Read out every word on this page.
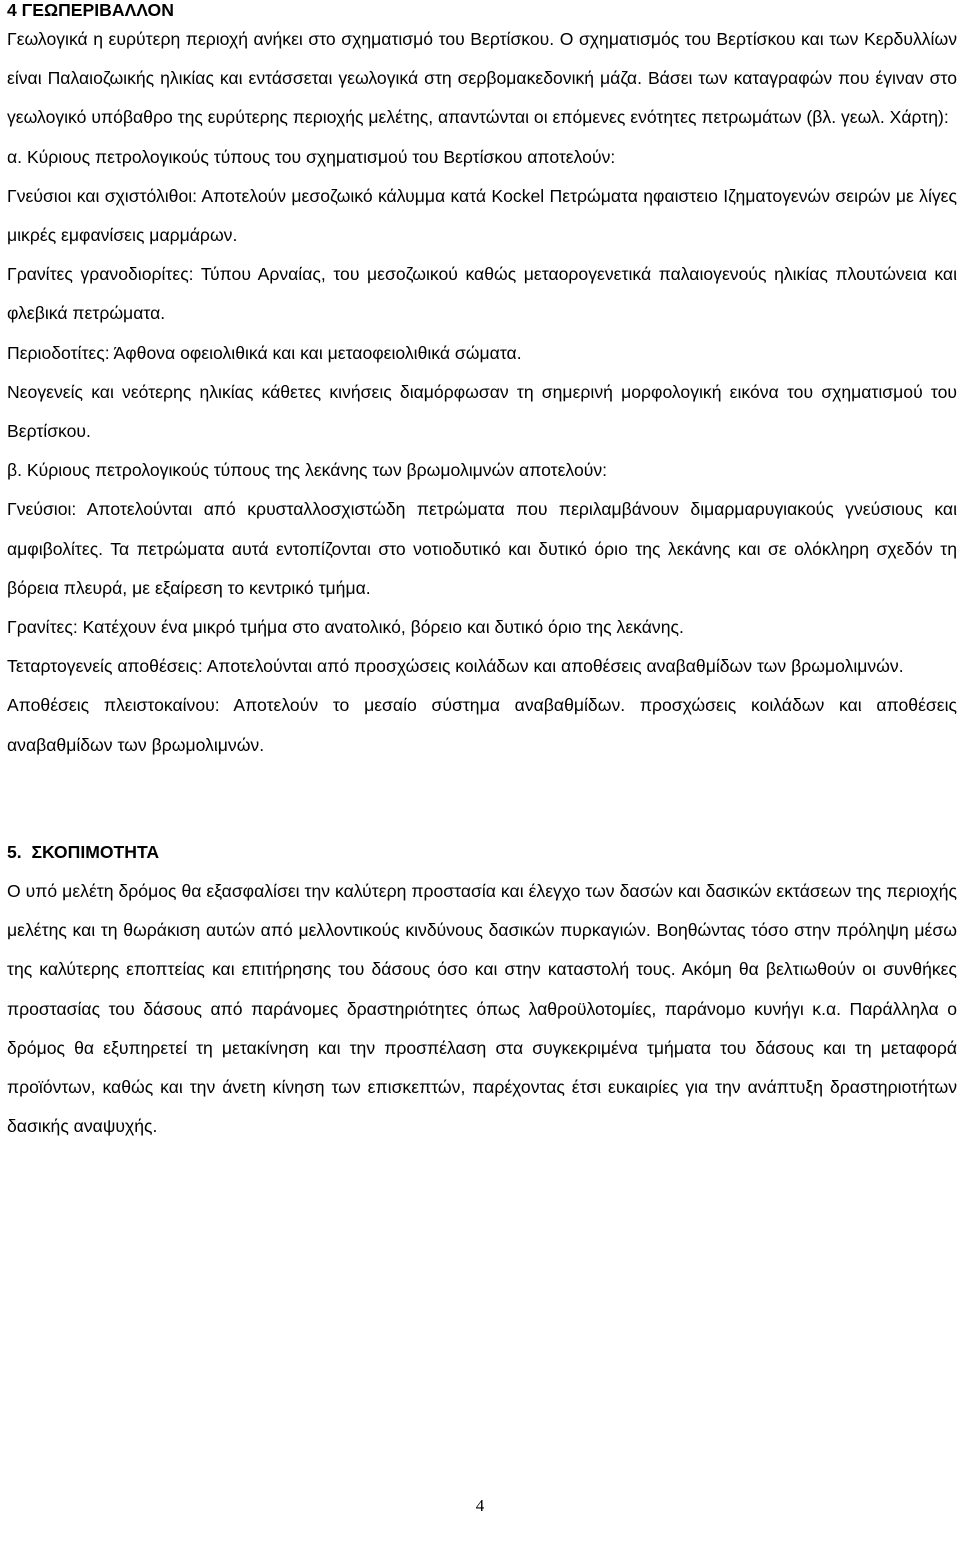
4 ΓΕΩΠΕΡΙΒΑΛΛΟΝ

Γεωλογικά η ευρύτερη περιοχή ανήκει στο σχηματισμό του Βερτίσκου. Ο σχηματισμός του Βερτίσκου και των Κερδυλλίων είναι Παλαιοζωικής ηλικίας και εντάσσεται γεωλογικά στη σερβομακεδονική μάζα. Βάσει των καταγραφών που έγιναν στο γεωλογικό υπόβαθρο της ευρύτερης περιοχής μελέτης, απαντώνται οι επόμενες ενότητες πετρωμάτων (βλ. γεωλ. Χάρτη):

α. Κύριους πετρολογικούς τύπους του σχηματισμού του Βερτίσκου αποτελούν:

Γνεύσιοι και σχιστόλιθοι: Αποτελούν μεσοζωικό κάλυμμα κατά Kockel Πετρώματα ηφαιστειο Ιζηματογενών σειρών με λίγες μικρές εμφανίσεις μαρμάρων.

Γρανίτες γρανοδιορίτες: Τύπου Αρναίας, του μεσοζωικού καθώς μεταορογενετικά παλαιογενούς ηλικίας πλουτώνεια και φλεβικά πετρώματα.

Περιοδοτίτες: Άφθονα οφειολιθικά και και μεταοφειολιθικά σώματα.

Νεογενείς και νεότερης ηλικίας κάθετες κινήσεις διαμόρφωσαν τη σημερινή μορφολογική εικόνα του σχηματισμού του Βερτίσκου.

β. Κύριους πετρολογικούς τύπους της λεκάνης των βρωμολιμνών αποτελούν:

Γνεύσιοι: Αποτελούνται από κρυσταλλοσχιστώδη πετρώματα που περιλαμβάνουν διμαρμαρυγιακούς γνεύσιους και αμφιβολίτες. Τα πετρώματα αυτά εντοπίζονται στο νοτιοδυτικό και δυτικό όριο της λεκάνης και σε ολόκληρη σχεδόν τη βόρεια πλευρά, με εξαίρεση το κεντρικό τμήμα.

Γρανίτες: Κατέχουν ένα μικρό τμήμα στο ανατολικό, βόρειο και δυτικό όριο της λεκάνης.

Τεταρτογενείς αποθέσεις: Αποτελούνται από προσχώσεις κοιλάδων και αποθέσεις αναβαθμίδων των βρωμολιμνών.

Αποθέσεις πλειστοκαίνου: Αποτελούν το μεσαίο σύστημα αναβαθμίδων. προσχώσεις κοιλάδων και αποθέσεις αναβαθμίδων των βρωμολιμνών.

5. ΣΚΟΠΙΜΟΤΗΤΑ

Ο υπό μελέτη δρόμος θα εξασφαλίσει την καλύτερη προστασία και έλεγχο των δασών και δασικών εκτάσεων της περιοχής μελέτης και τη θωράκιση αυτών από μελλοντικούς κινδύνους δασικών πυρκαγιών. Βοηθώντας τόσο στην πρόληψη μέσω της καλύτερης εποπτείας και επιτήρησης του δάσους όσο και στην καταστολή τους. Ακόμη θα βελτιωθούν οι συνθήκες προστασίας του δάσους από παράνομες δραστηριότητες όπως λαθροϋλοτομίες, παράνομο κυνήγι κ.α. Παράλληλα ο δρόμος θα εξυπηρετεί τη μετακίνηση και την προσπέλαση στα συγκεκριμένα τμήματα του δάσους και τη μεταφορά προϊόντων, καθώς και την άνετη κίνηση των επισκεπτών, παρέχοντας έτσι ευκαιρίες για την ανάπτυξη δραστηριοτήτων δασικής αναψυχής.

4
